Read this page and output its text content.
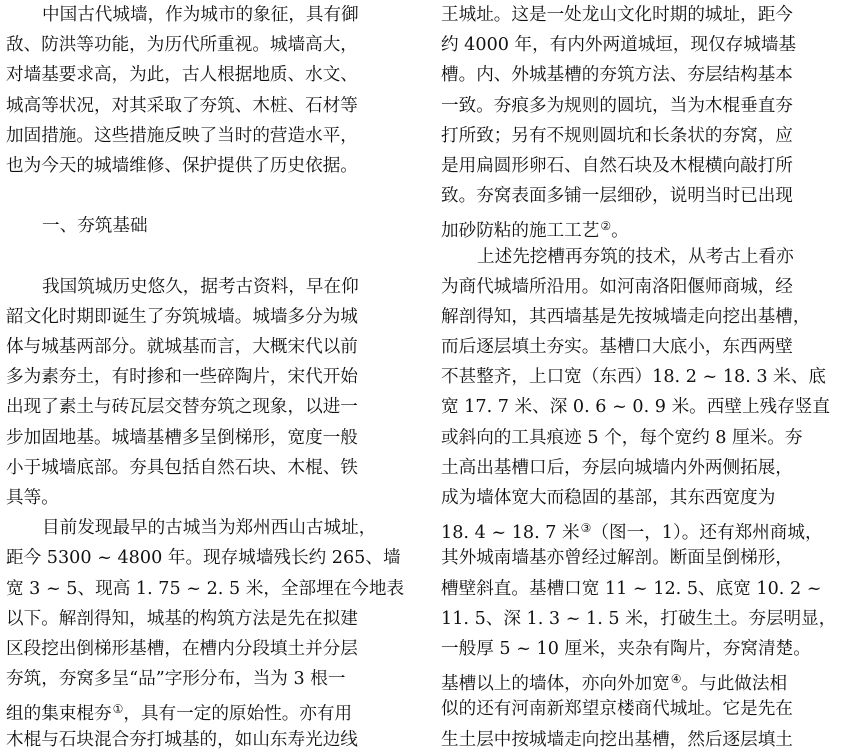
中国古代城墙，作为城市的象征，具有御
敌、防洪等功能，为历代所重视。城墙高大，
对墙基要求高，为此，古人根据地质、水文、
城高等状况，对其采取了夯筑、木桩、石材等
加固措施。这些措施反映了当时的营造水平，
也为今天的城墙维修、保护提供了历史依据。
一、夯筑基础
我国筑城历史悠久，据考古资料，早在仰
韶文化时期即诞生了夯筑城墙。城墙多分为城
体与城基两部分。就城基而言，大概宋代以前
多为素夯土，有时掺和一些碎陶片，宋代开始
出现了素土与砖瓦层交替夯筑之现象，以进一
步加固地基。城墙基槽多呈倒梯形，宽度一般
小于城墙底部。夯具包括自然石块、木棍、铁
具等。
目前发现最早的古城当为郑州西山古城址，
距今 5300 ~ 4800 年。现存城墙残长约 265、墙
宽 3 ~ 5、现高 1. 75 ~ 2. 5 米，全部埋在今地表
以下。解剖得知，城基的构筑方法是先在拟建
区段挖出倒梯形基槽，在槽内分段填土并分层
夯筑，夯窝多呈“品”字形分布，当为 3 根一
组的集束棍夯①，具有一定的原始性。亦有用
木棍与石块混合夯打城基的，如山东寿光边线
王城址。这是一处龙山文化时期的城址，距今
约 4000 年，有内外两道城垣，现仅存城墙基
槽。内、外城基槽的夯筑方法、夯层结构基本
一致。夯痕多为规则的圆坑，当为木棍垂直夯
打所致；另有不规则圆坑和长条状的夯窝，应
是用扁圆形卵石、自然石块及木棍横向敲打所
致。夯窝表面多铺一层细砂，说明当时已出现
加砂防粘的施工工艺②。
上述先挖槽再夯筑的技术，从考古上看亦
为商代城墙所沿用。如河南洛阳偃师商城，经
解剖得知，其西墙基是先按城墙走向挖出基槽，
而后逐层填土夯实。基槽口大底小，东西两壁
不甚整齐，上口宽（东西）18. 2 ~ 18. 3 米、底
宽 17. 7 米、深 0. 6 ~ 0. 9 米。西壁上残存竖直
或斜向的工具痕迹 5 个，每个宽约 8 厘米。夯
土高出基槽口后，夯层向城墙内外两侧拓展，
成为墙体宽大而稳固的基部，其东西宽度为
18. 4 ~ 18. 7 米③（图一，1）。还有郑州商城，
其外城南墙基亦曾经过解剖。断面呈倒梯形，
槽壁斜直。基槽口宽 11 ~ 12. 5、底宽 10. 2 ~
11. 5、深 1. 3 ~ 1. 5 米，打破生土。夯层明显，
一般厚 5 ~ 10 厘米，夹杂有陶片，夯窝清楚。
基槽以上的墙体，亦向外加宽④。与此做法相
似的还有河南新郑望京楼商代城址。它是先在
生土层中按城墙走向挖出基槽，然后逐层填土
